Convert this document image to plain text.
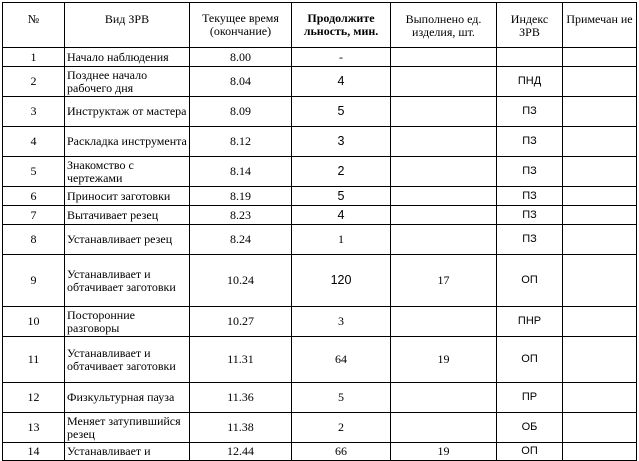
№	Вид ЗРВ	Текущее время (окончание)	Продолжите льность, мин.	Выполнено ед. изделия, шт.	Индекс ЗРВ	Примечан ие
1	Начало наблюдения	8.00	-			
2	Позднее начало рабочего дня	8.04	4		ПНД	
3	Инструктаж от мастера	8.09	5		ПЗ	
4	Раскладка инструмента	8.12	3		ПЗ	
5	Знакомство с чертежами	8.14	2		ПЗ	
6	Приносит заготовки	8.19	5		ПЗ	
7	Вытачивает резец	8.23	4		ПЗ	
8	Устанавливает резец	8.24	1		ПЗ	
9	Устанавливает и обтачивает заготовки	10.24	120	17	ОП	
10	Посторонние разговоры	10.27	3		ПНР	
11	Устанавливает и обтачивает заготовки	11.31	64	19	ОП	
12	Физкультурная пауза	11.36	5		ПР	
13	Меняет затупившийся резец	11.38	2		ОБ	
14	Устанавливает и	12.44	66	19	ОП	
